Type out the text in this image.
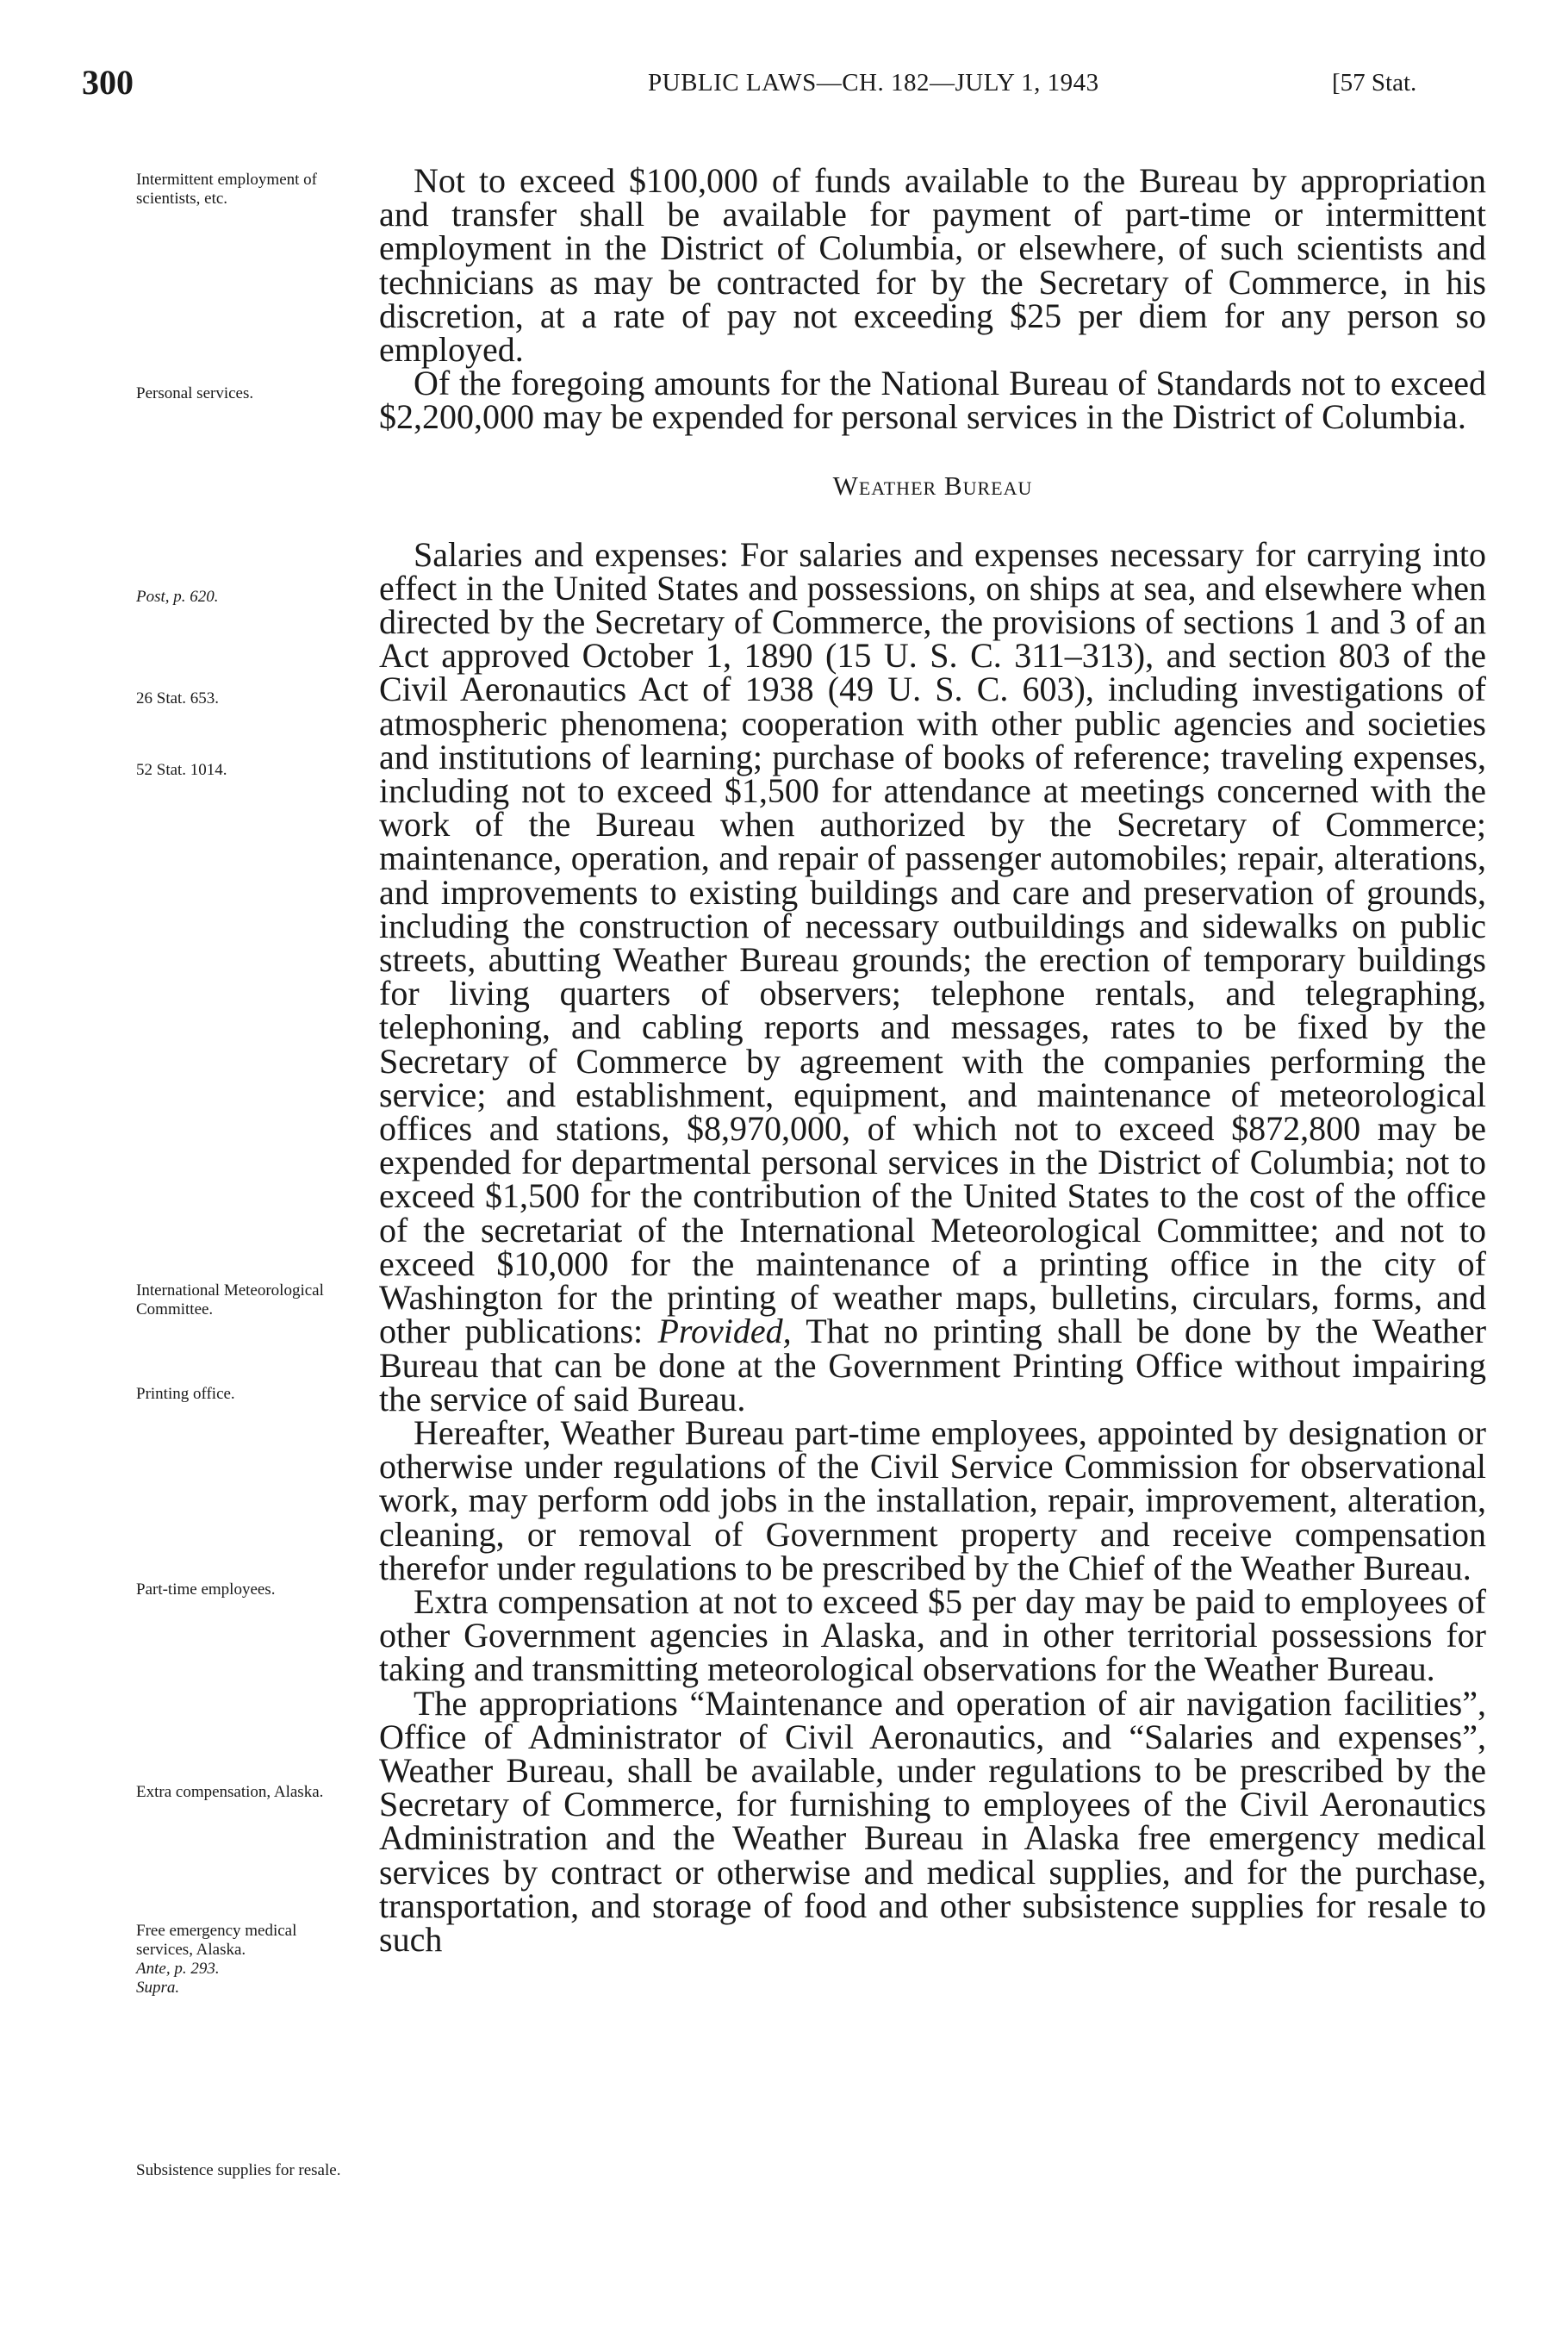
300	PUBLIC LAWS—CH. 182—JULY 1, 1943	[57 Stat.
Intermittent employment of scientists, etc.
Personal services.
Post, p. 620.
26 Stat. 653.
52 Stat. 1014.
International Meteorological Committee.
Printing office.
Part-time employees.
Extra compensation, Alaska.
Free emergency medical services, Alaska.
Ante, p. 293.
Supra.
Subsistence supplies for resale.

Not to exceed $100,000 of funds available to the Bureau by appropriation and transfer shall be available for payment of part-time or intermittent employment in the District of Columbia, or elsewhere, of such scientists and technicians as may be contracted for by the Secretary of Commerce, in his discretion, at a rate of pay not exceeding $25 per diem for any person so employed.

Of the foregoing amounts for the National Bureau of Standards not to exceed $2,200,000 may be expended for personal services in the District of Columbia.

Weather Bureau

Salaries and expenses: For salaries and expenses necessary for carrying into effect in the United States and possessions, on ships at sea, and elsewhere when directed by the Secretary of Commerce, the provisions of sections 1 and 3 of an Act approved October 1, 1890 (15 U. S. C. 311–313), and section 803 of the Civil Aeronautics Act of 1938 (49 U. S. C. 603), including investigations of atmospheric phenomena; cooperation with other public agencies and societies and institutions of learning; purchase of books of reference; traveling expenses, including not to exceed $1,500 for attendance at meetings concerned with the work of the Bureau when authorized by the Secretary of Commerce; maintenance, operation, and repair of passenger automobiles; repair, alterations, and improvements to existing buildings and care and preservation of grounds, including the construction of necessary outbuildings and sidewalks on public streets, abutting Weather Bureau grounds; the erection of temporary buildings for living quarters of observers; telephone rentals, and telegraphing, telephoning, and cabling reports and messages, rates to be fixed by the Secretary of Commerce by agreement with the companies performing the service; and establishment, equipment, and maintenance of meteorological offices and stations, $8,970,000, of which not to exceed $872,800 may be expended for departmental personal services in the District of Columbia; not to exceed $1,500 for the contribution of the United States to the cost of the office of the secretariat of the International Meteorological Committee; and not to exceed $10,000 for the maintenance of a printing office in the city of Washington for the printing of weather maps, bulletins, circulars, forms, and other publications: Provided, That no printing shall be done by the Weather Bureau that can be done at the Government Printing Office without impairing the service of said Bureau.

Hereafter, Weather Bureau part-time employees, appointed by designation or otherwise under regulations of the Civil Service Commission for observational work, may perform odd jobs in the installation, repair, improvement, alteration, cleaning, or removal of Government property and receive compensation therefor under regulations to be prescribed by the Chief of the Weather Bureau.

Extra compensation at not to exceed $5 per day may be paid to employees of other Government agencies in Alaska, and in other territorial possessions for taking and transmitting meteorological observations for the Weather Bureau.

The appropriations “Maintenance and operation of air navigation facilities”, Office of Administrator of Civil Aeronautics, and “Salaries and expenses”, Weather Bureau, shall be available, under regulations to be prescribed by the Secretary of Commerce, for furnishing to employees of the Civil Aeronautics Administration and the Weather Bureau in Alaska free emergency medical services by contract or otherwise and medical supplies, and for the purchase, transportation, and storage of food and other subsistence supplies for resale to such
